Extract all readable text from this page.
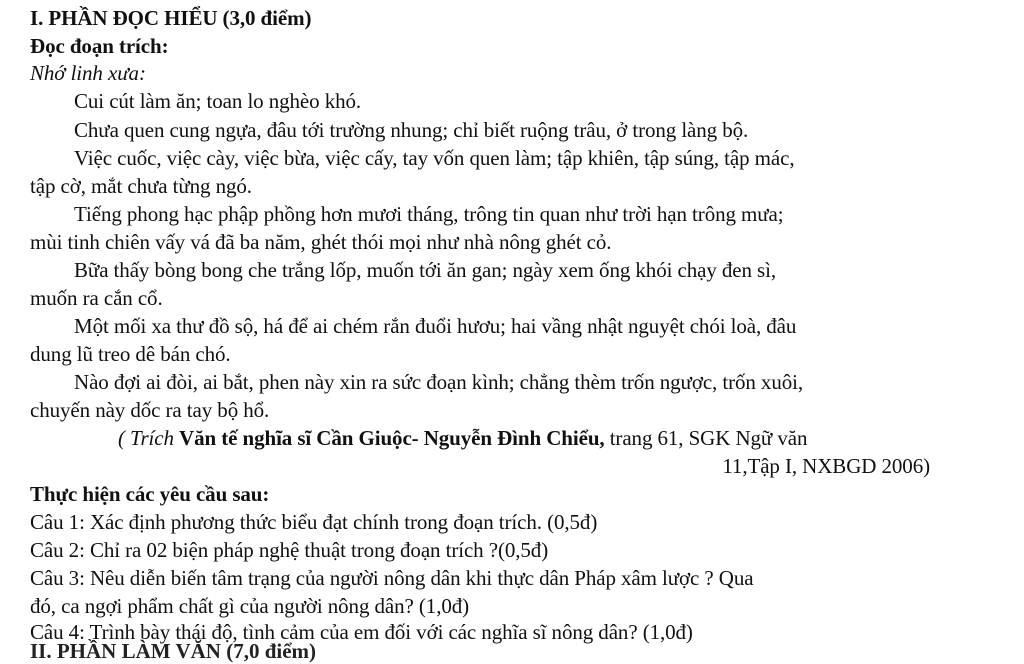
I. PHẦN ĐỌC HIỂU (3,0 điểm)
Đọc đoạn trích:
Nhớ linh xưa:
Cui cút làm ăn; toan lo nghèo khó.
Chưa quen cung ngựa, đâu tới trường nhung; chỉ biết ruộng trâu, ở trong làng bộ.
Việc cuốc, việc cày, việc bừa, việc cấy, tay vốn quen làm; tập khiên, tập súng, tập mác,
tập cờ, mắt chưa từng ngó.
Tiếng phong hạc phập phồng hơn mươi tháng, trông tin quan như trời hạn trông mưa;
mùi tinh chiên vấy vá đã ba năm, ghét thói mọi như nhà nông ghét cỏ.
Bữa thấy bòng bong che trắng lốp, muốn tới ăn gan; ngày xem ống khói chạy đen sì,
muốn ra cắn cổ.
Một mối xa thư đồ sộ, há để ai chém rắn đuổi hươu; hai vầng nhật nguyệt chói loà, đâu
dung lũ treo dê bán chó.
Nào đợi ai đòi, ai bắt, phen này xin ra sức đoạn kình; chẳng thèm trốn ngược, trốn xuôi,
chuyến này dốc ra tay bộ hổ.
( Trích Văn tế nghĩa sĩ Cần Giuộc- Nguyễn Đình Chiểu, trang 61, SGK Ngữ văn
11,Tập I, NXBGD 2006)
Thực hiện các yêu cầu sau:
Câu 1: Xác định phương thức biểu đạt chính trong đoạn trích. (0,5đ)
Câu 2: Chỉ ra 02 biện pháp nghệ thuật trong đoạn trích ?(0,5đ)
Câu 3: Nêu diễn biến tâm trạng của người nông dân khi thực dân Pháp xâm lược ? Qua
đó, ca ngợi phẩm chất gì của người nông dân? (1,0đ)
Câu 4: Trình bày thái độ, tình cảm của em đối với các nghĩa sĩ nông dân? (1,0đ)
II. PHẦN LÀM VĂN (7,0 điểm)
